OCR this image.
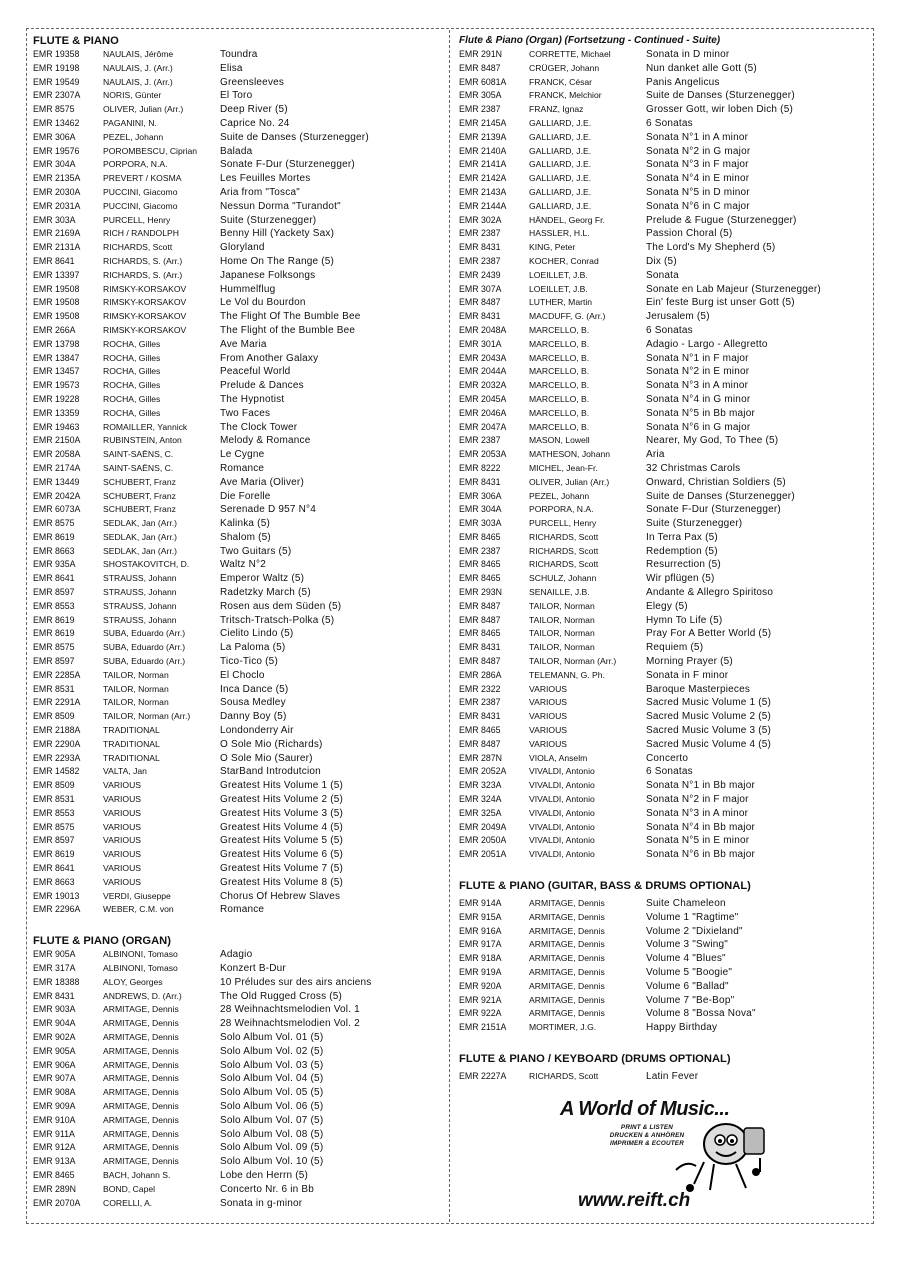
FLUTE & PIANO
EMR 19358	NAULAIS, Jérôme	Toundra
EMR 19198	NAULAIS, J. (Arr.)	Elisa
EMR 19549	NAULAIS, J. (Arr.)	Greensleeves
EMR 2307A	NORIS, Günter	El Toro
EMR 8575	OLIVER, Julian (Arr.)	Deep River (5)
EMR 13462	PAGANINI, N.	Caprice No. 24
EMR 306A	PEZEL, Johann	Suite de Danses (Sturzenegger)
EMR 19576	POROMBESCU, Ciprian	Balada
EMR 304A	PORPORA, N.A.	Sonate F-Dur (Sturzenegger)
EMR 2135A	PREVERT / KOSMA	Les Feuilles Mortes
EMR 2030A	PUCCINI, Giacomo	Aria from "Tosca"
EMR 2031A	PUCCINI, Giacomo	Nessun Dorma "Turandot"
EMR 303A	PURCELL, Henry	Suite (Sturzenegger)
EMR 2169A	RICH / RANDOLPH	Benny Hill (Yackety Sax)
EMR 2131A	RICHARDS, Scott	Gloryland
EMR 8641	RICHARDS, S. (Arr.)	Home On The Range (5)
EMR 13397	RICHARDS, S. (Arr.)	Japanese Folksongs
EMR 19508	RIMSKY-KORSAKOV	Hummelflug
EMR 19508	RIMSKY-KORSAKOV	Le Vol du Bourdon
EMR 19508	RIMSKY-KORSAKOV	The Flight Of The Bumble Bee
EMR 266A	RIMSKY-KORSAKOV	The Flight of the Bumble Bee
EMR 13798	ROCHA, Gilles	Ave Maria
EMR 13847	ROCHA, Gilles	From Another Galaxy
EMR 13457	ROCHA, Gilles	Peaceful World
EMR 19573	ROCHA, Gilles	Prelude & Dances
EMR 19228	ROCHA, Gilles	The Hypnotist
EMR 13359	ROCHA, Gilles	Two Faces
EMR 19463	ROMAILLER, Yannick	The Clock Tower
EMR 2150A	RUBINSTEIN, Anton	Melody & Romance
EMR 2058A	SAINT-SAËNS, C.	Le Cygne
EMR 2174A	SAINT-SAËNS, C.	Romance
EMR 13449	SCHUBERT, Franz	Ave Maria (Oliver)
EMR 2042A	SCHUBERT, Franz	Die Forelle
EMR 6073A	SCHUBERT, Franz	Serenade D 957 N°4
EMR 8575	SEDLAK, Jan (Arr.)	Kalinka (5)
EMR 8619	SEDLAK, Jan (Arr.)	Shalom (5)
EMR 8663	SEDLAK, Jan (Arr.)	Two Guitars (5)
EMR 935A	SHOSTAKOVITCH, D.	Waltz N°2
EMR 8641	STRAUSS, Johann	Emperor Waltz (5)
EMR 8597	STRAUSS, Johann	Radetzky March (5)
EMR 8553	STRAUSS, Johann	Rosen aus dem Süden (5)
EMR 8619	STRAUSS, Johann	Tritsch-Tratsch-Polka (5)
EMR 8619	SUBA, Eduardo (Arr.)	Cielito Lindo (5)
EMR 8575	SUBA, Eduardo (Arr.)	La Paloma (5)
EMR 8597	SUBA, Eduardo (Arr.)	Tico-Tico (5)
EMR 2285A	TAILOR, Norman	El Choclo
EMR 8531	TAILOR, Norman	Inca Dance (5)
EMR 2291A	TAILOR, Norman	Sousa Medley
EMR 8509	TAILOR, Norman (Arr.)	Danny Boy (5)
EMR 2188A	TRADITIONAL	Londonderry Air
EMR 2290A	TRADITIONAL	O Sole Mio (Richards)
EMR 2293A	TRADITIONAL	O Sole Mio (Saurer)
EMR 14582	VALTA, Jan	StarBand Introdutcion
EMR 8509	VARIOUS	Greatest Hits Volume 1 (5)
EMR 8531	VARIOUS	Greatest Hits Volume 2 (5)
EMR 8553	VARIOUS	Greatest Hits Volume 3 (5)
EMR 8575	VARIOUS	Greatest Hits Volume 4 (5)
EMR 8597	VARIOUS	Greatest Hits Volume 5 (5)
EMR 8619	VARIOUS	Greatest Hits Volume 6 (5)
EMR 8641	VARIOUS	Greatest Hits Volume 7 (5)
EMR 8663	VARIOUS	Greatest Hits Volume 8 (5)
EMR 19013	VERDI, Giuseppe	Chorus Of Hebrew Slaves
EMR 2296A	WEBER, C.M. von	Romance
FLUTE & PIANO (ORGAN)
EMR 905A	ALBINONI, Tomaso	Adagio
EMR 317A	ALBINONI, Tomaso	Konzert B-Dur
EMR 18388	ALOY, Georges	10 Préludes sur des airs anciens
EMR 8431	ANDREWS, D. (Arr.)	The Old Rugged Cross (5)
EMR 903A	ARMITAGE, Dennis	28 Weihnachtsmelodien Vol. 1
EMR 904A	ARMITAGE, Dennis	28 Weihnachtsmelodien Vol. 2
EMR 902A	ARMITAGE, Dennis	Solo Album Vol. 01 (5)
EMR 905A	ARMITAGE, Dennis	Solo Album Vol. 02 (5)
EMR 906A	ARMITAGE, Dennis	Solo Album Vol. 03 (5)
EMR 907A	ARMITAGE, Dennis	Solo Album Vol. 04 (5)
EMR 908A	ARMITAGE, Dennis	Solo Album Vol. 05 (5)
EMR 909A	ARMITAGE, Dennis	Solo Album Vol. 06 (5)
EMR 910A	ARMITAGE, Dennis	Solo Album Vol. 07 (5)
EMR 911A	ARMITAGE, Dennis	Solo Album Vol. 08 (5)
EMR 912A	ARMITAGE, Dennis	Solo Album Vol. 09 (5)
EMR 913A	ARMITAGE, Dennis	Solo Album Vol. 10 (5)
EMR 8465	BACH, Johann S.	Lobe den Herrn (5)
EMR 289N	BOND, Capel	Concerto Nr. 6 in Bb
EMR 2070A	CORELLI, A.	Sonata in g-minor
Flute & Piano (Organ) (Fortsetzung - Continued - Suite)
EMR 291N	CORRETTE, Michael	Sonata in D minor
EMR 8487	CRÜGER, Johann	Nun danket alle Gott (5)
EMR 6081A	FRANCK, César	Panis Angelicus
EMR 305A	FRANCK, Melchior	Suite de Danses (Sturzenegger)
EMR 2387	FRANZ, Ignaz	Grosser Gott, wir loben Dich (5)
EMR 2145A	GALLIARD, J.E.	6 Sonatas
EMR 2139A	GALLIARD, J.E.	Sonata N°1 in A minor
EMR 2140A	GALLIARD, J.E.	Sonata N°2 in G major
EMR 2141A	GALLIARD, J.E.	Sonata N°3 in F major
EMR 2142A	GALLIARD, J.E.	Sonata N°4 in E minor
EMR 2143A	GALLIARD, J.E.	Sonata N°5 in D minor
EMR 2144A	GALLIARD, J.E.	Sonata N°6 in C major
EMR 302A	HÄNDEL, Georg Fr.	Prelude & Fugue (Sturzenegger)
EMR 2387	HASSLER, H.L.	Passion Choral (5)
EMR 8431	KING, Peter	The Lord's My Shepherd (5)
EMR 2387	KOCHER, Conrad	Dix (5)
EMR 2439	LOEILLET, J.B.	Sonata
EMR 307A	LOEILLET, J.B.	Sonate en Lab Majeur (Sturzenegger)
EMR 8487	LUTHER, Martin	Ein' feste Burg ist unser Gott (5)
EMR 8431	MACDUFF, G. (Arr.)	Jerusalem (5)
EMR 2048A	MARCELLO, B.	6 Sonatas
EMR 301A	MARCELLO, B.	Adagio - Largo - Allegretto
EMR 2043A	MARCELLO, B.	Sonata N°1 in F major
EMR 2044A	MARCELLO, B.	Sonata N°2 in E minor
EMR 2032A	MARCELLO, B.	Sonata N°3 in A minor
EMR 2045A	MARCELLO, B.	Sonata N°4 in G minor
EMR 2046A	MARCELLO, B.	Sonata N°5 in Bb major
EMR 2047A	MARCELLO, B.	Sonata N°6 in G major
EMR 2387	MASON, Lowell	Nearer, My God, To Thee (5)
EMR 2053A	MATHESON, Johann	Aria
EMR 8222	MICHEL, Jean-Fr.	32 Christmas Carols
EMR 8431	OLIVER, Julian (Arr.)	Onward, Christian Soldiers (5)
EMR 306A	PEZEL, Johann	Suite de Danses (Sturzenegger)
EMR 304A	PORPORA, N.A.	Sonate F-Dur (Sturzenegger)
EMR 303A	PURCELL, Henry	Suite (Sturzenegger)
EMR 8465	RICHARDS, Scott	In Terra Pax (5)
EMR 2387	RICHARDS, Scott	Redemption (5)
EMR 8465	RICHARDS, Scott	Resurrection (5)
EMR 8465	SCHULZ, Johann	Wir pflügen (5)
EMR 293N	SENAILLE, J.B.	Andante & Allegro Spiritoso
EMR 8487	TAILOR, Norman	Elegy (5)
EMR 8487	TAILOR, Norman	Hymn To Life (5)
EMR 8465	TAILOR, Norman	Pray For A Better World (5)
EMR 8431	TAILOR, Norman	Requiem (5)
EMR 8487	TAILOR, Norman (Arr.)	Morning Prayer (5)
EMR 286A	TELEMANN, G. Ph.	Sonata in F minor
EMR 2322	VARIOUS	Baroque Masterpieces
EMR 2387	VARIOUS	Sacred Music Volume 1 (5)
EMR 8431	VARIOUS	Sacred Music Volume 2 (5)
EMR 8465	VARIOUS	Sacred Music Volume 3 (5)
EMR 8487	VARIOUS	Sacred Music Volume 4 (5)
EMR 287N	VIOLA, Anselm	Concerto
EMR 2052A	VIVALDI, Antonio	6 Sonatas
EMR 323A	VIVALDI, Antonio	Sonata N°1 in Bb major
EMR 324A	VIVALDI, Antonio	Sonata N°2 in F major
EMR 325A	VIVALDI, Antonio	Sonata N°3 in A minor
EMR 2049A	VIVALDI, Antonio	Sonata N°4 in Bb major
EMR 2050A	VIVALDI, Antonio	Sonata N°5 in E minor
EMR 2051A	VIVALDI, Antonio	Sonata N°6 in Bb major
FLUTE & PIANO (GUITAR, BASS & DRUMS OPTIONAL)
EMR 914A	ARMITAGE, Dennis	Suite Chameleon
EMR 915A	ARMITAGE, Dennis	Volume 1 "Ragtime"
EMR 916A	ARMITAGE, Dennis	Volume 2 "Dixieland"
EMR 917A	ARMITAGE, Dennis	Volume 3 "Swing"
EMR 918A	ARMITAGE, Dennis	Volume 4 "Blues"
EMR 919A	ARMITAGE, Dennis	Volume 5 "Boogie"
EMR 920A	ARMITAGE, Dennis	Volume 6 "Ballad"
EMR 921A	ARMITAGE, Dennis	Volume 7 "Be-Bop"
EMR 922A	ARMITAGE, Dennis	Volume 8 "Bossa Nova"
EMR 2151A	MORTIMER, J.G.	Happy Birthday
FLUTE & PIANO / KEYBOARD (DRUMS OPTIONAL)
EMR 2227A	RICHARDS, Scott	Latin Fever
A World of Music...
PRINT & LISTEN
DRUCKEN & ANHÖREN
IMPRIMER & ECOUTER
www.reift.ch
